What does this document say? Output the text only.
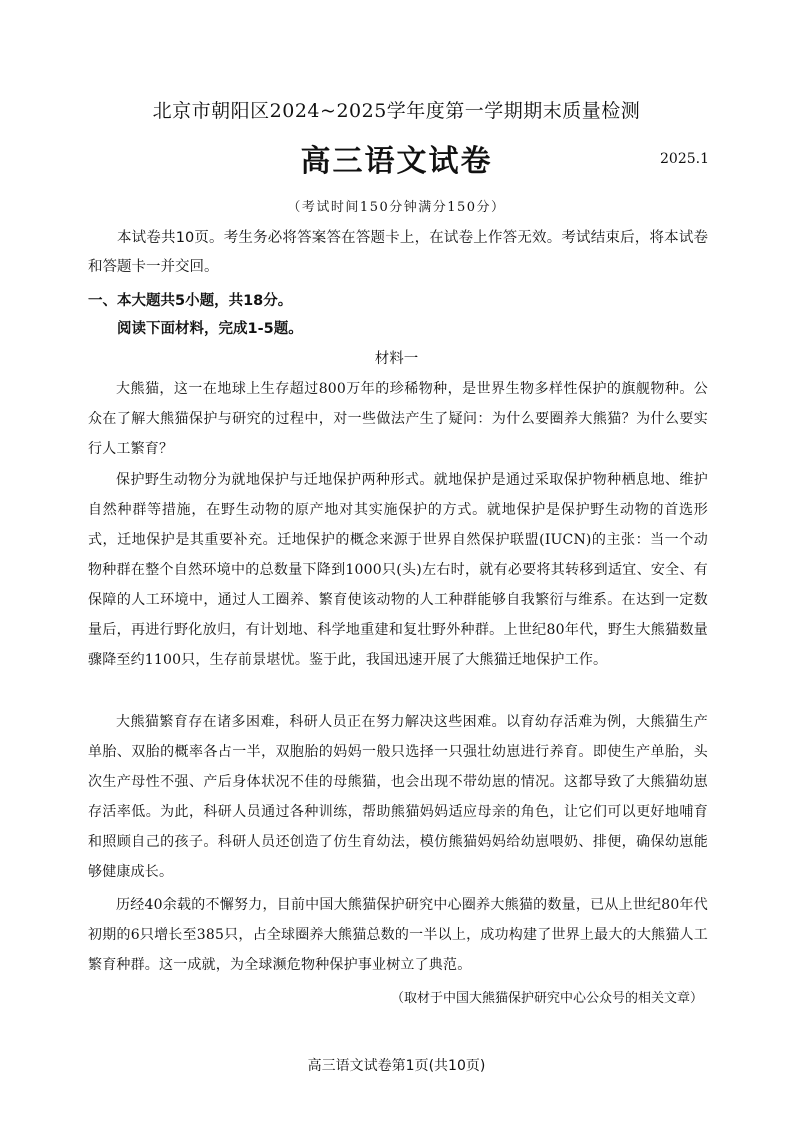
北京市朝阳区2024~2025学年度第一学期期末质量检测
高三语文试卷	2025.1
（考试时间150分钟满分150分）

本试卷共10页。考生务必将答案答在答题卡上，在试卷上作答无效。考试结束后，将本试卷和答题卡一并交回。

一、本大题共5小题，共18分。
阅读下面材料，完成1-5题。
材料一

大熊猫，这一在地球上生存超过800万年的珍稀物种，是世界生物多样性保护的旗舰物种。公众在了解大熊猫保护与研究的过程中，对一些做法产生了疑问：为什么要圈养大熊猫？为什么要实行人工繁育？

保护野生动物分为就地保护与迁地保护两种形式。就地保护是通过采取保护物种栖息地、维护自然种群等措施，在野生动物的原产地对其实施保护的方式。就地保护是保护野生动物的首选形式，迁地保护是其重要补充。迁地保护的概念来源于世界自然保护联盟(IUCN)的主张：当一个动物种群在整个自然环境中的总数量下降到1000只(头)左右时，就有必要将其转移到适宜、安全、有保障的人工环境中，通过人工圈养、繁育使该动物的人工种群能够自我繁衍与维系。在达到一定数量后，再进行野化放归，有计划地、科学地重建和复壮野外种群。上世纪80年代，野生大熊猫数量骤降至约1100只，生存前景堪忧。鉴于此，我国迅速开展了大熊猫迁地保护工作。

大熊猫繁育存在诸多困难，科研人员正在努力解决这些困难。以育幼存活难为例，大熊猫生产单胎、双胎的概率各占一半，双胞胎的妈妈一般只选择一只强壮幼崽进行养育。即使生产单胎，头次生产母性不强、产后身体状况不佳的母熊猫，也会出现不带幼崽的情况。这都导致了大熊猫幼崽存活率低。为此，科研人员通过各种训练，帮助熊猫妈妈适应母亲的角色，让它们可以更好地哺育和照顾自己的孩子。科研人员还创造了仿生育幼法，模仿熊猫妈妈给幼崽喂奶、排便，确保幼崽能够健康成长。

历经40余载的不懈努力，目前中国大熊猫保护研究中心圈养大熊猫的数量，已从上世纪80年代初期的6只增长至385只，占全球圈养大熊猫总数的一半以上，成功构建了世界上最大的大熊猫人工繁育种群。这一成就，为全球濒危物种保护事业树立了典范。

（取材于中国大熊猫保护研究中心公众号的相关文章）
高三语文试卷第1页(共10页)
